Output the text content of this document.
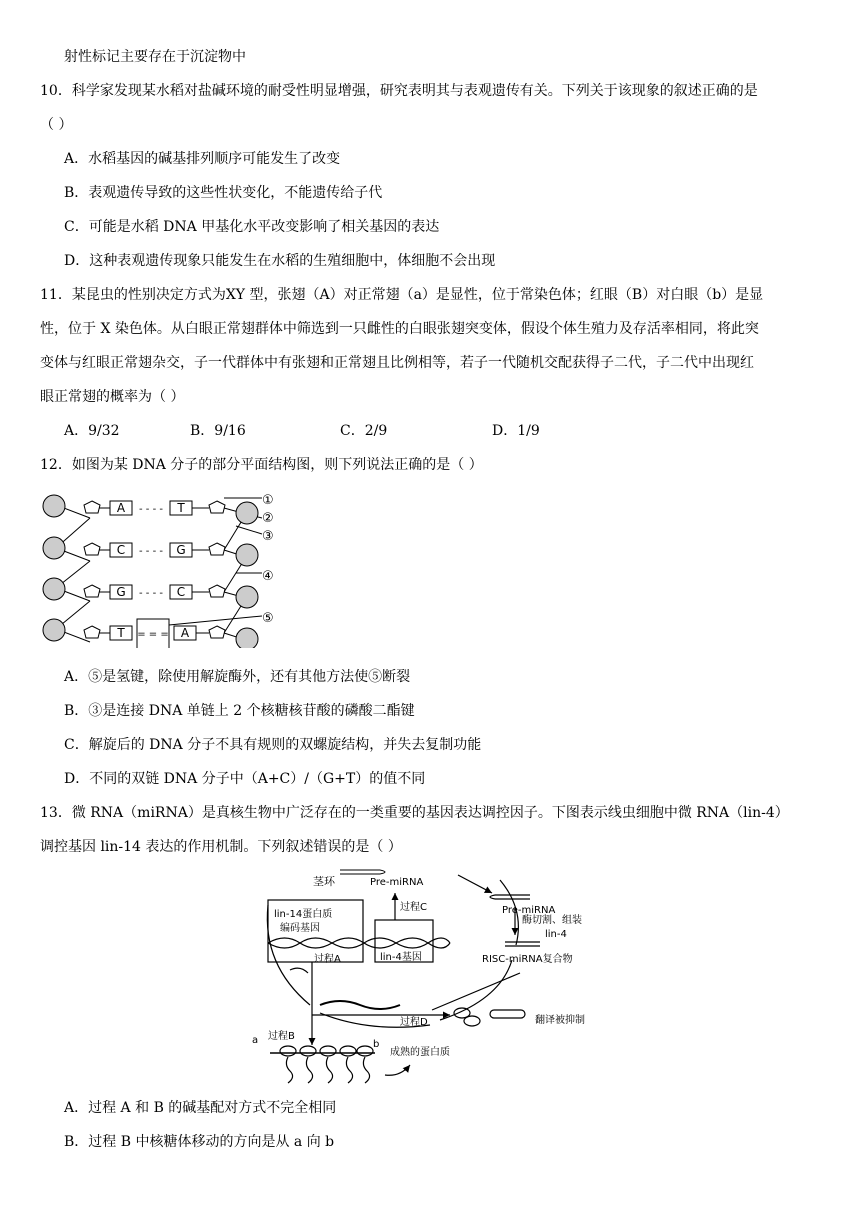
射性标记主要存在于沉淀物中
10．科学家发现某水稻对盐碱环境的耐受性明显增强，研究表明其与表观遗传有关。下列关于该现象的叙述正确的是
（ ）
A．水稻基因的碱基排列顺序可能发生了改变
B．表观遗传导致的这些性状变化，不能遗传给子代
C．可能是水稻 DNA 甲基化水平改变影响了相关基因的表达
D．这种表观遗传现象只能发生在水稻的生殖细胞中，体细胞不会出现
11．某昆虫的性别决定方式为XY 型，张翅（A）对正常翅（a）是显性，位于常染色体；红眼（B）对白眼（b）是显
性，位于 X 染色体。从白眼正常翅群体中筛选到一只雌性的白眼张翅突变体，假设个体生殖力及存活率相同，将此突
变体与红眼正常翅杂交，子一代群体中有张翅和正常翅且比例相等，若子一代随机交配获得子二代，子二代中出现红
眼正常翅的概率为（ ）
A．9/32	B．9/16	C．2/9	D．1/9
12．如图为某 DNA 分子的部分平面结构图，则下列说法正确的是（ ）
A
C
G
T
T
G
C
A
- - - -
- - - -
- - - -
= = =
①
②
③
④
⑤
A．⑤是氢键，除使用解旋酶外，还有其他方法使⑤断裂
B．③是连接 DNA 单链上 2 个核糖核苷酸的磷酸二酯键
C．解旋后的 DNA 分子不具有规则的双螺旋结构，并失去复制功能
D．不同的双链 DNA 分子中（A+C）/（G+T）的值不同
13．微 RNA（miRNA）是真核生物中广泛存在的一类重要的基因表达调控因子。下图表示线虫细胞中微 RNA（lin-4）
调控基因 lin-14 表达的作用机制。下列叙述错误的是（ ）
茎环	Pre-miRNA
Pre-miRNA
lin-14蛋白质
编码基因
过程C
lin-4基因
过程A
酶切割、组装
lin-4
RISC-miRNA复合物
过程D	翻译被抑制
a 过程B
b
成熟的蛋白质
A．过程 A 和 B 的碱基配对方式不完全相同
B．过程 B 中核糖体移动的方向是从 a 向 b
